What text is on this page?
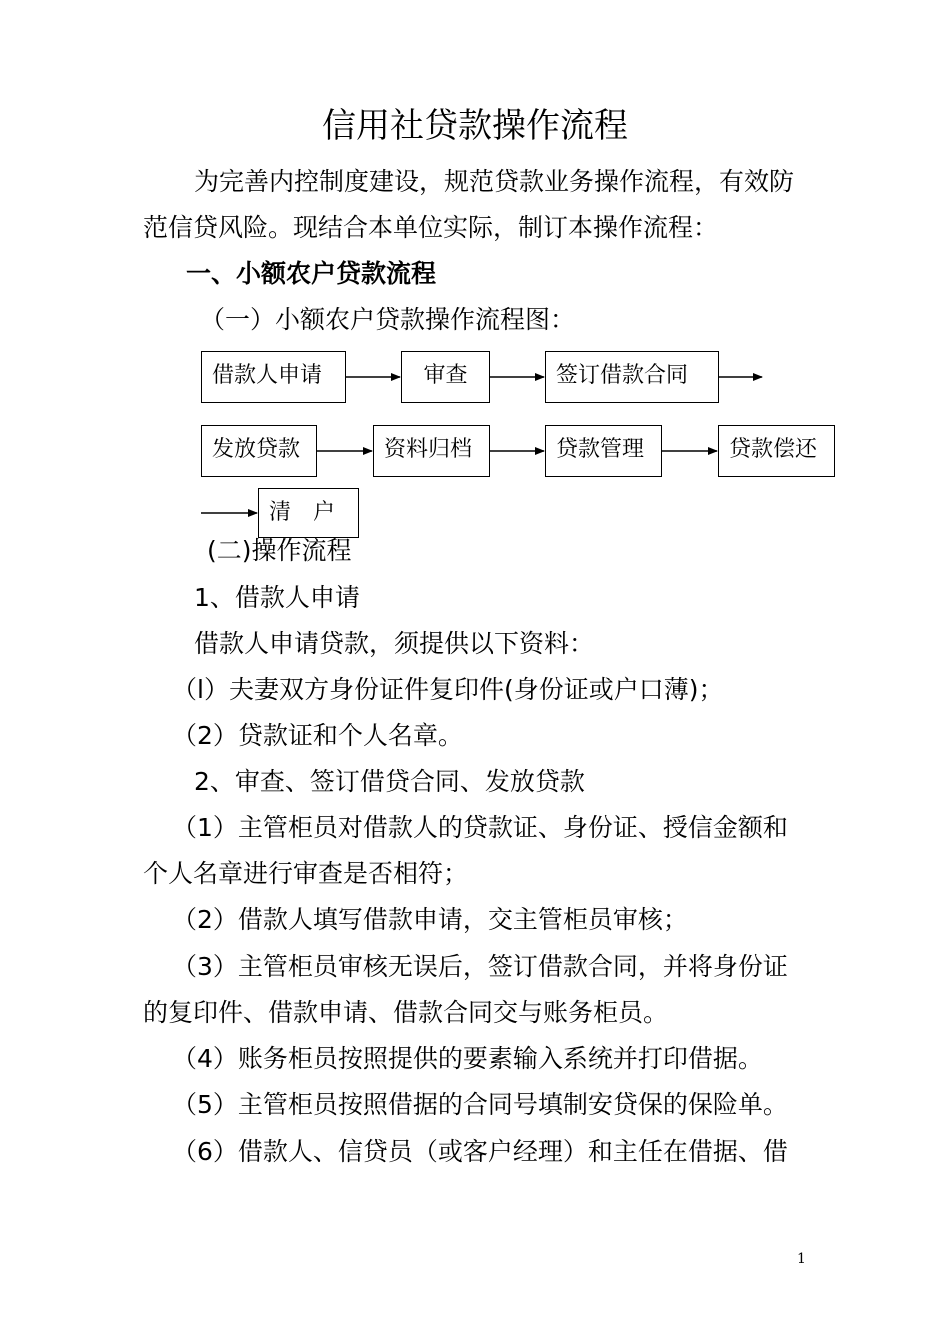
信用社贷款操作流程
为完善内控制度建设，规范贷款业务操作流程，有效防
范信贷风险。现结合本单位实际，制订本操作流程：
一、小额农户贷款流程
（一）小额农户贷款操作流程图：
借款人申请	审查	签订借款合同
发放贷款	资料归档	贷款管理	贷款偿还
清　户
(二)操作流程
1、借款人申请
借款人申请贷款，须提供以下资料：
（l）夫妻双方身份证件复印件(身份证或户口薄)；
（2）贷款证和个人名章。
2、审查、签订借贷合同、发放贷款
（1）主管柜员对借款人的贷款证、身份证、授信金额和
个人名章进行审查是否相符；
（2）借款人填写借款申请，交主管柜员审核；
（3）主管柜员审核无误后，签订借款合同，并将身份证
的复印件、借款申请、借款合同交与账务柜员。
（4）账务柜员按照提供的要素输入系统并打印借据。
（5）主管柜员按照借据的合同号填制安贷保的保险单。
（6）借款人、信贷员（或客户经理）和主任在借据、借
1
